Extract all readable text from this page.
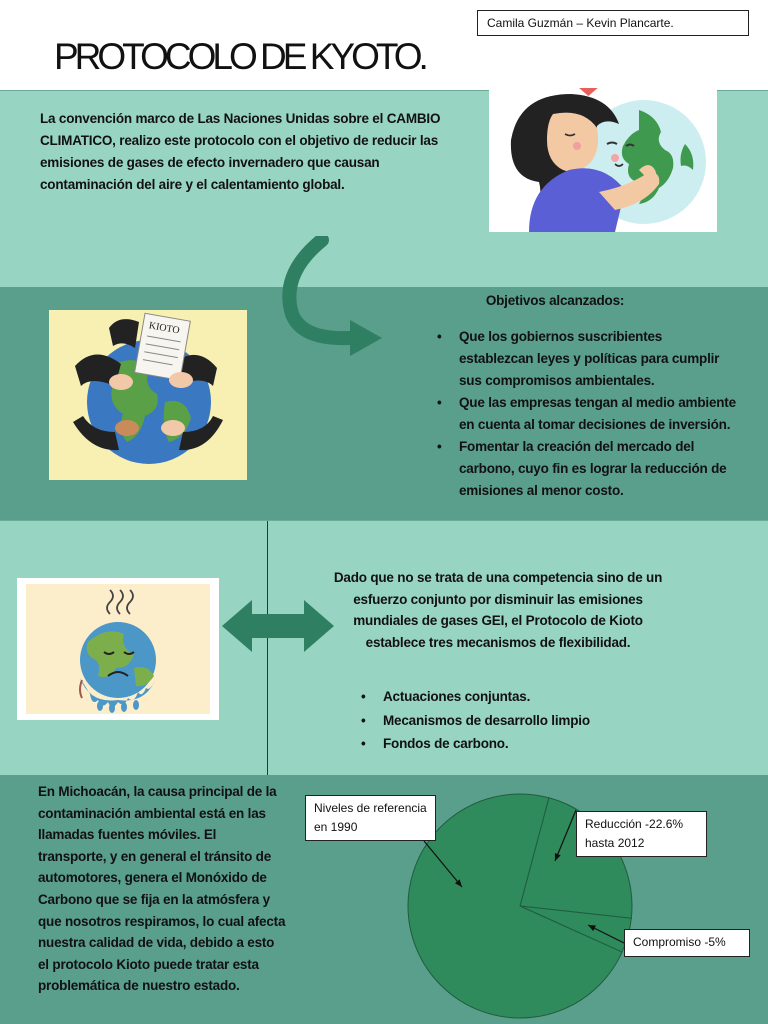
Camila Guzmán – Kevin Plancarte.
PROTOCOLO DE KYOTO.
La convención marco de Las Naciones Unidas sobre el CAMBIO CLIMATICO, realizo este protocolo con el objetivo de reducir las emisiones de gases de efecto invernadero que causan contaminación del aire y el calentamiento global.
KIOTO
Objetivos alcanzados:
• Que los gobiernos suscribientes establezcan leyes y políticas para cumplir sus compromisos ambientales.
• Que las empresas tengan al medio ambiente en cuenta al tomar decisiones de inversión.
• Fomentar la creación del mercado del carbono, cuyo fin es lograr la reducción de emisiones al menor costo.
Dado que no se trata de una competencia sino de un esfuerzo conjunto por disminuir las emisiones mundiales de gases GEI, el Protocolo de Kioto establece tres mecanismos de flexibilidad.
• Actuaciones conjuntas.
• Mecanismos de desarrollo limpio
• Fondos de carbono.
En Michoacán, la causa principal de la contaminación ambiental está en las llamadas fuentes móviles. El transporte, y en general el tránsito de automotores, genera el Monóxido de Carbono que se fija en la atmósfera y que nosotros respiramos, lo cual afecta nuestra calidad de vida, debido a esto el protocolo Kioto puede tratar esta problemática de nuestro estado.
Niveles de referencia en 1990	Reducción -22.6% hasta 2012
Compromiso -5%
